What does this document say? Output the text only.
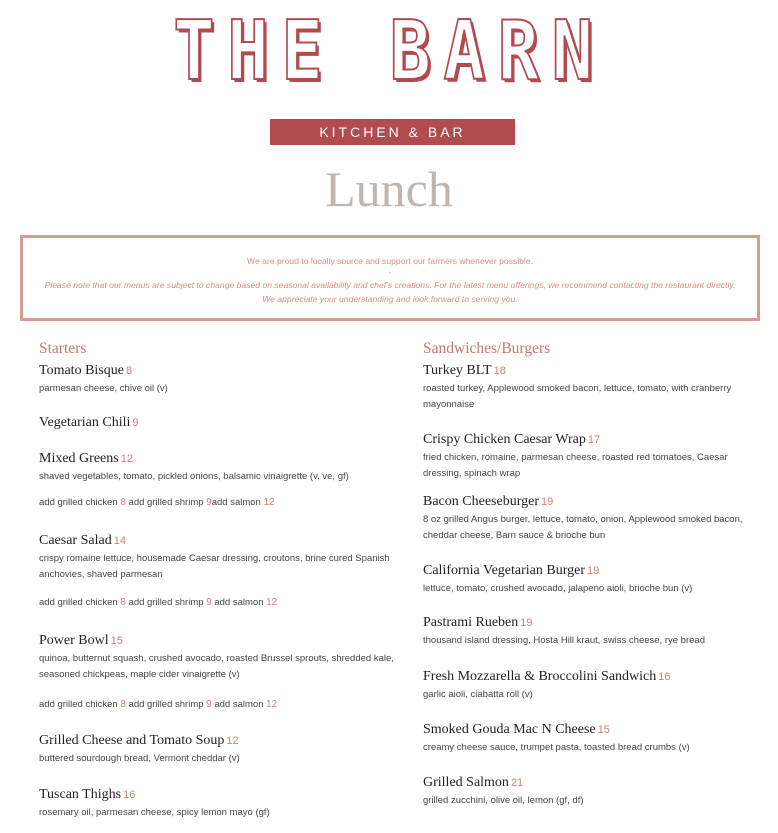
THE BARN
KITCHEN & BAR
Lunch

We are proud to locally source and support our farmers whenever possible.

-

Please note that our menus are subject to change based on seasonal availability and chef's creations. For the latest menu offerings, we recommend contacting the restaurant directly.

We appreciate your understanding and look forward to serving you.

Starters
Tomato Bisque 8
parmesan cheese, chive oil (v)
Vegetarian Chili 9
Mixed Greens 12
shaved vegetables, tomato, pickled onions, balsamic vinaigrette (v, ve, gf)
add grilled chicken 8 add grilled shrimp 9add salmon 12
Caesar Salad 14
crispy romaine lettuce, housemade Caesar dressing, croutons, brine cured Spanish anchovies, shaved parmesan
add grilled chicken 8 add grilled shrimp 9 add salmon 12
Power Bowl 15
quinoa, butternut squash, crushed avocado, roasted Brussel sprouts, shredded kale, seasoned chickpeas, maple cider vinaigrette (v)
add grilled chicken 8 add grilled shrimp 9 add salmon 12
Grilled Cheese and Tomato Soup 12
buttered sourdough bread, Vermont cheddar (v)
Tuscan Thighs 16
rosemary oil, parmesan cheese, spicy lemon mayo (gf)
Sandwiches/Burgers
Turkey BLT 18
roasted turkey, Applewood smoked bacon, lettuce, tomato, with cranberry mayonnaise
Crispy Chicken Caesar Wrap 17
fried chicken, romaine, parmesan cheese, roasted red tomatoes, Caesar dressing, spinach wrap
Bacon Cheeseburger 19
8 oz grilled Angus burger, lettuce, tomato, onion, Applewood smoked bacon, cheddar cheese, Barn sauce & brioche bun
California Vegetarian Burger 19
lettuce, tomato, crushed avocado, jalapeno aioli, brioche bun (v)
Pastrami Rueben 19
thousand island dressing, Hosta Hill kraut, swiss cheese, rye bread
Fresh Mozzarella & Broccolini Sandwich 16
garlic aioli, ciabatta roll (v)
Smoked Gouda Mac N Cheese 15
creamy cheese sauce, trumpet pasta, toasted bread crumbs (v)
Grilled Salmon 21
grilled zucchini, olive oil, lemon (gf, df)
